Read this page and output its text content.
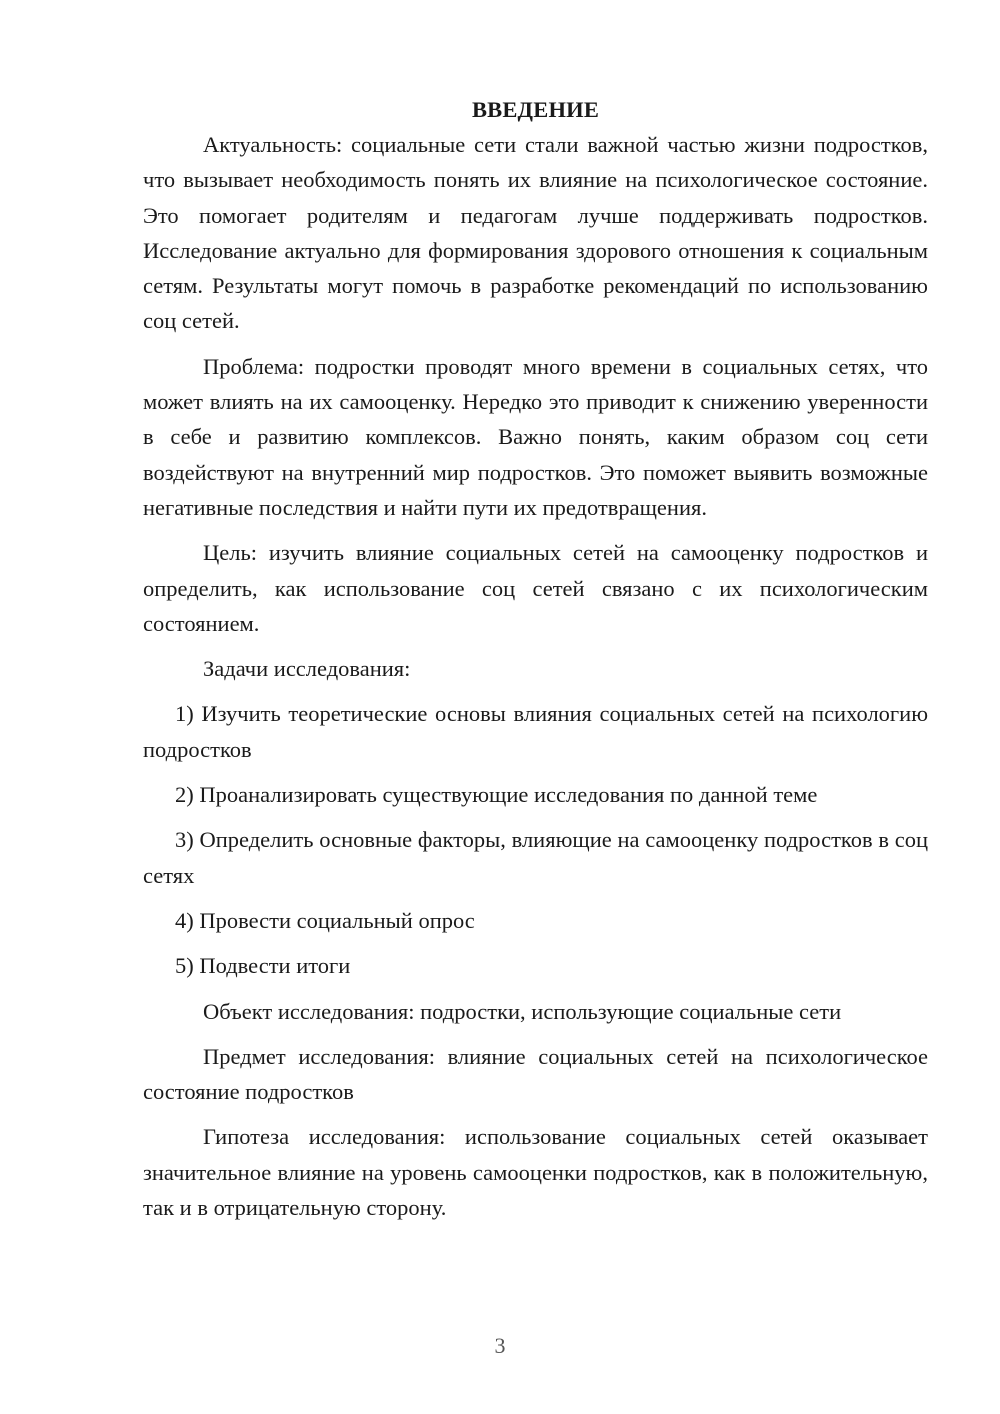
ВВЕДЕНИЕ

Актуальность: социальные сети стали важной частью жизни подростков, что вызывает необходимость понять их влияние на психологическое состояние. Это помогает родителям и педагогам лучше поддерживать подростков. Исследование актуально для формирования здорового отношения к социальным сетям. Результаты могут помочь в разработке рекомендаций по использованию соц сетей.

Проблема: подростки проводят много времени в социальных сетях, что может влиять на их самооценку. Нередко это приводит к снижению уверенности в себе и развитию комплексов. Важно понять, каким образом соц сети воздействуют на внутренний мир подростков. Это поможет выявить возможные негативные последствия и найти пути их предотвращения.

Цель: изучить влияние социальных сетей на самооценку подростков и определить, как использование соц сетей связано с их психологическим состоянием.

Задачи исследования:

1) Изучить теоретические основы влияния социальных сетей на психологию подростков

2) Проанализировать существующие исследования по данной теме

3) Определить основные факторы, влияющие на самооценку подростков в соц сетях

4) Провести социальный опрос

5) Подвести итоги

Объект исследования: подростки, использующие социальные сети

Предмет исследования: влияние социальных сетей на психологическое состояние подростков

Гипотеза исследования: использование социальных сетей оказывает значительное влияние на уровень самооценки подростков, как в положительную, так и в отрицательную сторону.

3
